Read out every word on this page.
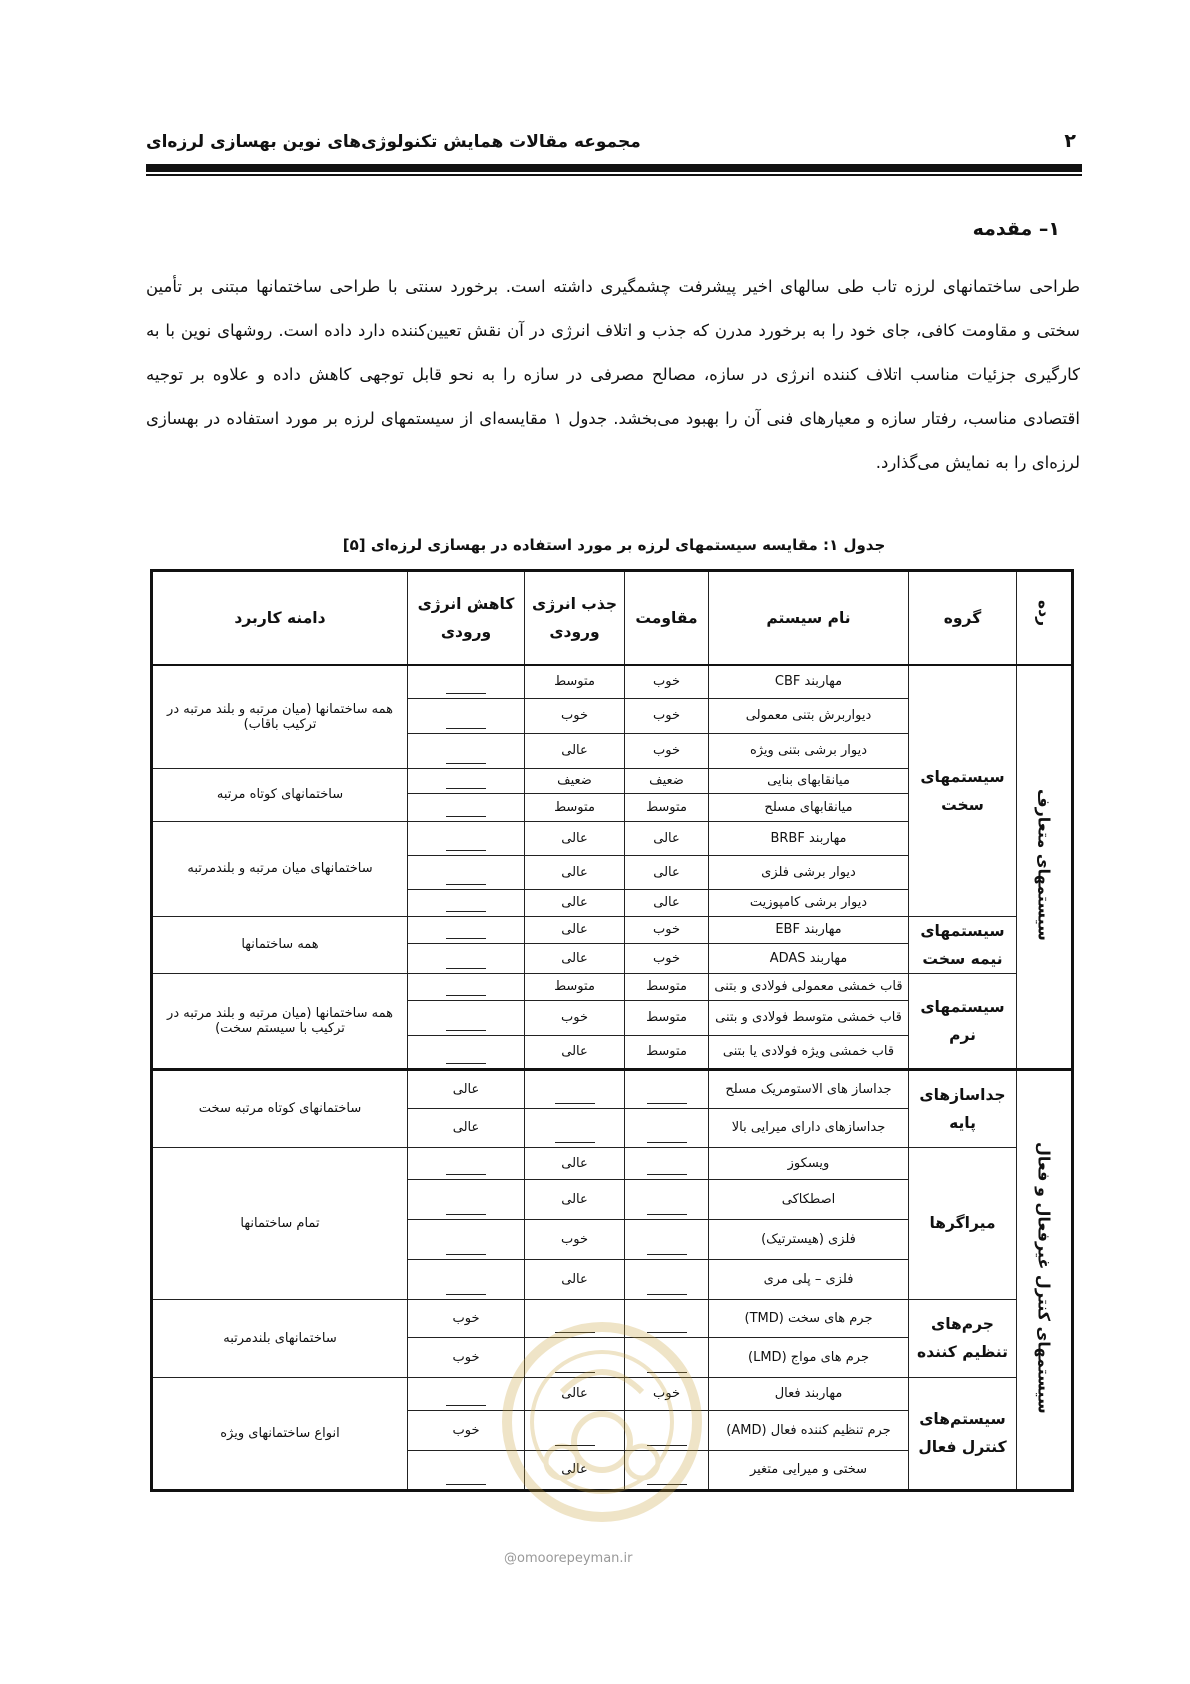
۲
مجموعه مقالات همایش تکنولوژی‌های نوین بهسازی لرزه‌ای
۱– مقدمه
طراحی ساختمانهای لرزه تاب طی سالهای اخیر پیشرفت چشمگیری داشته است. برخورد سنتی با طراحی ساختمانها مبتنی بر تأمین سختی و مقاومت کافی، جای خود را به برخورد مدرن که جذب و اتلاف انرژی در آن نقش تعیین‌کننده دارد داده است. روشهای نوین با به کارگیری جزئیات مناسب اتلاف کننده انرژی در سازه، مصالح مصرفی در سازه را به نحو قابل توجهی کاهش داده و علاوه بر توجیه اقتصادی مناسب، رفتار سازه و معیارهای فنی آن را بهبود می‌بخشد. جدول ۱ مقایسه‌ای از سیستمهای لرزه بر مورد استفاده در بهسازی لرزه‌ای را به نمایش می‌گذارد.
جدول ۱: مقایسه سیستمهای لرزه بر مورد استفاده در بهسازی لرزه‌ای [۵]
رده	گروه	نام سیستم	مقاومت	جذب انرژی ورودی	کاهش انرژی ورودی	دامنه کاربرد
سیستمهای متعارف	سیستمهای سخت	مهاربند CBF	خوب	متوسط		همه ساختمانها (میان مرتبه و بلند مرتبه در ترکیب باقاب)
		دیواربرش بتنی معمولی	خوب	خوب		
		دیوار برشی بتنی ویژه	خوب	عالی		
		میانقابهای بنایی	ضعیف	ضعیف		ساختمانهای کوتاه مرتبه
		میانقابهای مسلح	متوسط	متوسط		
		مهاربند BRBF	عالی	عالی		ساختمانهای میان مرتبه و بلندمرتبه
		دیوار برشی فلزی	عالی	عالی		
		دیوار برشی کامپوزیت	عالی	عالی		
	سیستمهای نیمه سخت	مهاربند EBF	خوب	عالی		همه ساختمانها
		مهاربند ADAS	خوب	عالی		
	سیستمهای نرم	قاب خمشی معمولی فولادی و بتنی	متوسط	متوسط		همه ساختمانها (میان مرتبه و بلند مرتبه در ترکیب با سیستم سخت)
		قاب خمشی متوسط فولادی و بتنی	متوسط	خوب		
		قاب خمشی ویژه فولادی یا بتنی	متوسط	عالی		
سیستمهای کنترل غیرفعال و فعال	جداسازهای پایه	جداساز های الاستومریک مسلح			عالی	ساختمانهای کوتاه مرتبه سخت
		جداسازهای دارای میرایی بالا			عالی	
	میراگرها	ویسکوز		عالی		تمام ساختمانها
		اصطکاکی		عالی		
		فلزی (هیسترتیک)		خوب		
		فلزی – پلی مری		عالی		
	جرم‌های تنظیم کننده	جرم های سخت (TMD)			خوب	ساختمانهای بلندمرتبه
		جرم های مواج (LMD)			خوب	
	سیستم‌های کنترل فعال	مهاربند فعال	خوب	عالی		انواع ساختمانهای ویژه
		جرم تنظیم کننده فعال (AMD)			خوب	
		سختی و میرایی متغیر		عالی		
@omoorepeyman.ir
